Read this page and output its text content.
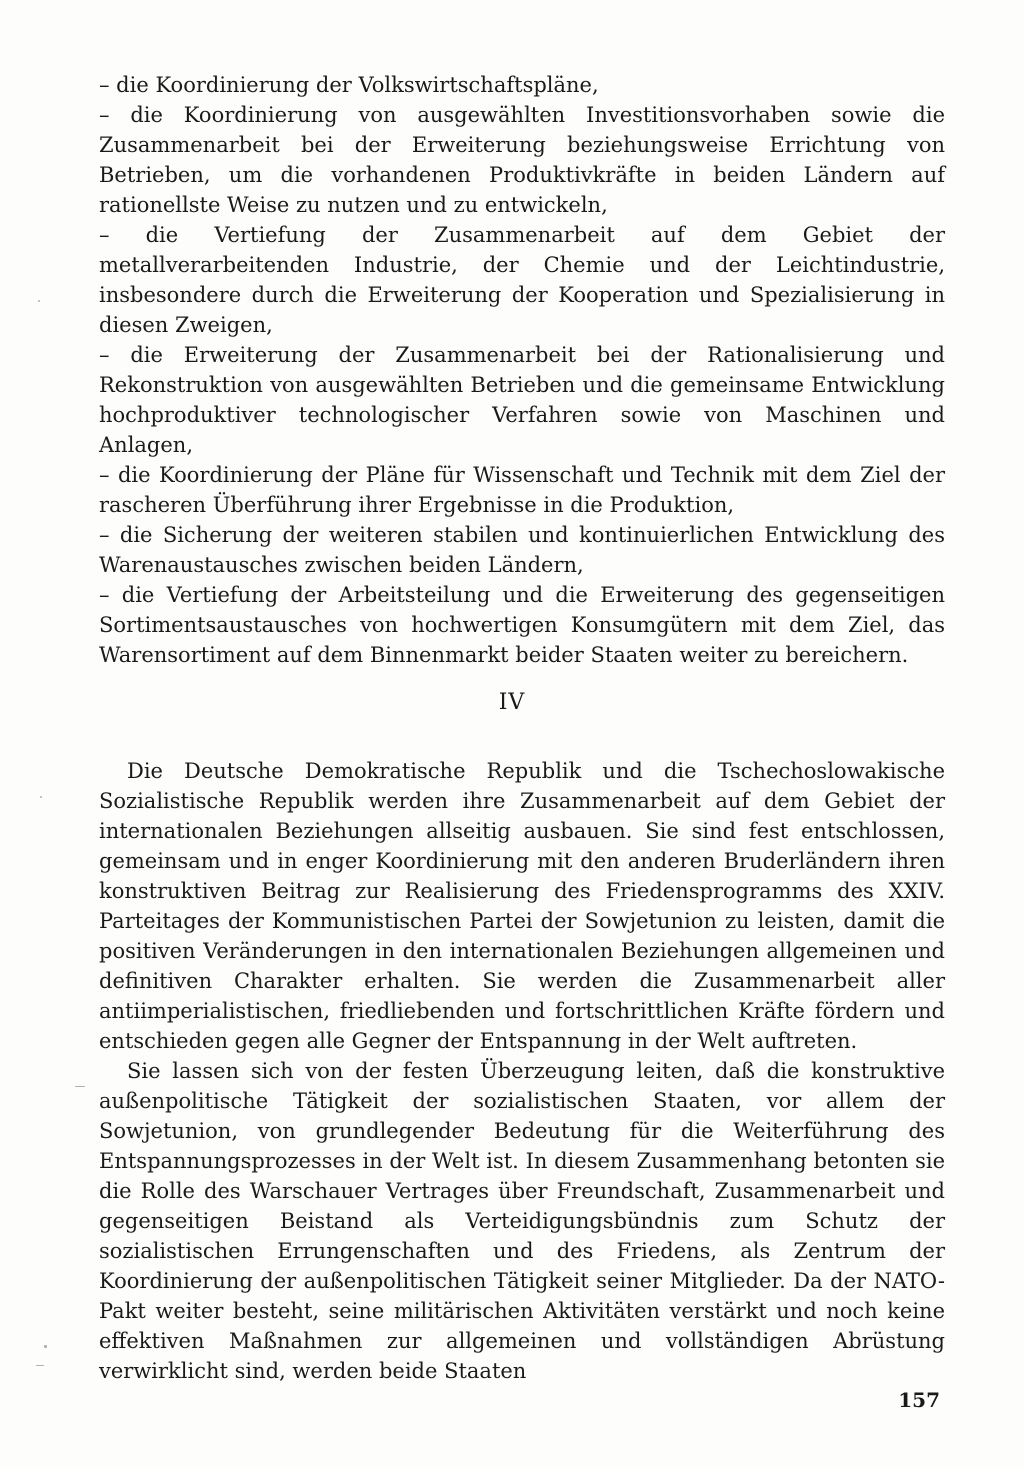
– die Koordinierung der Volkswirtschaftspläne,
– die Koordinierung von ausgewählten Investitionsvorhaben sowie die Zusammenarbeit bei der Erweiterung beziehungsweise Errichtung von Betrieben, um die vorhandenen Produktivkräfte in beiden Ländern auf rationellste Weise zu nutzen und zu entwickeln,
– die Vertiefung der Zusammenarbeit auf dem Gebiet der metallverarbeitenden Industrie, der Chemie und der Leichtindustrie, insbesondere durch die Erweiterung der Kooperation und Spezialisierung in diesen Zweigen,
– die Erweiterung der Zusammenarbeit bei der Rationalisierung und Rekonstruktion von ausgewählten Betrieben und die gemeinsame Entwicklung hochproduktiver technologischer Verfahren sowie von Maschinen und Anlagen,
– die Koordinierung der Pläne für Wissenschaft und Technik mit dem Ziel der rascheren Überführung ihrer Ergebnisse in die Produktion,
– die Sicherung der weiteren stabilen und kontinuierlichen Entwicklung des Warenaustausches zwischen beiden Ländern,
– die Vertiefung der Arbeitsteilung und die Erweiterung des gegenseitigen Sortimentsaustausches von hochwertigen Konsumgütern mit dem Ziel, das Warensortiment auf dem Binnenmarkt beider Staaten weiter zu bereichern.
IV

Die Deutsche Demokratische Republik und die Tschechoslowakische Sozialistische Republik werden ihre Zusammenarbeit auf dem Gebiet der internationalen Beziehungen allseitig ausbauen. Sie sind fest entschlossen, gemeinsam und in enger Koordinierung mit den anderen Bruderländern ihren konstruktiven Beitrag zur Realisierung des Friedensprogramms des XXIV. Parteitages der Kommunistischen Partei der Sowjetunion zu leisten, damit die positiven Veränderungen in den internationalen Beziehungen allgemeinen und definitiven Charakter erhalten. Sie werden die Zusammenarbeit aller antiimperialistischen, friedliebenden und fortschrittlichen Kräfte fördern und entschieden gegen alle Gegner der Entspannung in der Welt auftreten.

Sie lassen sich von der festen Überzeugung leiten, daß die konstruktive außenpolitische Tätigkeit der sozialistischen Staaten, vor allem der Sowjetunion, von grundlegender Bedeutung für die Weiterführung des Entspannungsprozesses in der Welt ist. In diesem Zusammenhang betonten sie die Rolle des Warschauer Vertrages über Freundschaft, Zusammenarbeit und gegenseitigen Beistand als Verteidigungsbündnis zum Schutz der sozialistischen Errungenschaften und des Friedens, als Zentrum der Koordinierung der außenpolitischen Tätigkeit seiner Mitglieder. Da der NATO-Pakt weiter besteht, seine militärischen Aktivitäten verstärkt und noch keine effektiven Maßnahmen zur allgemeinen und vollständigen Abrüstung verwirklicht sind, werden beide Staaten

157
